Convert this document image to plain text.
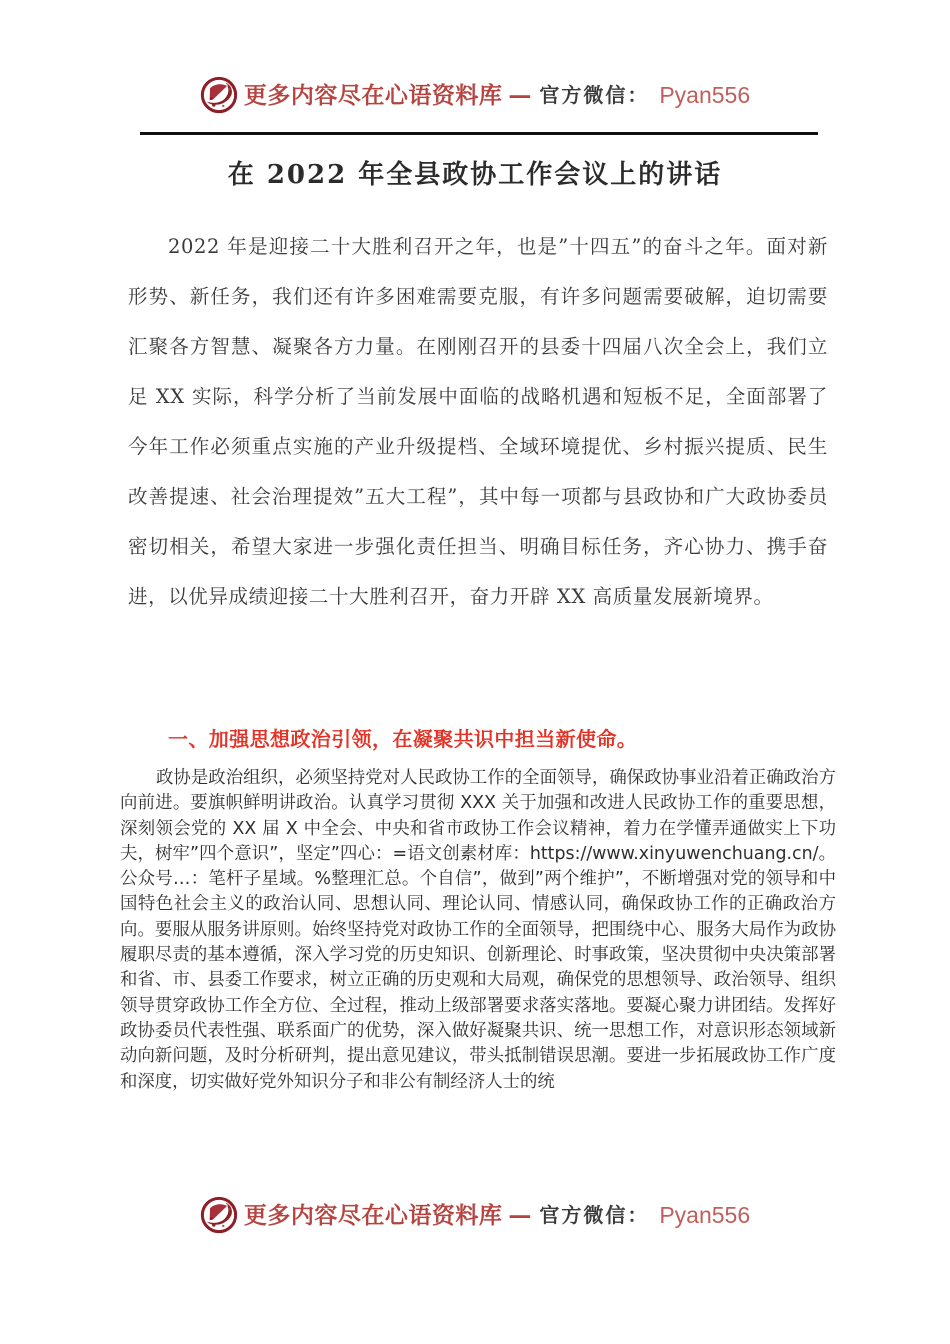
更多内容尽在心语资料库 — 官方微信： Pyan556
在 2022 年全县政协工作会议上的讲话
2022 年是迎接二十大胜利召开之年，也是”十四五”的奋斗之年。面对新形势、新任务，我们还有许多困难需要克服，有许多问题需要破解，迫切需要汇聚各方智慧、凝聚各方力量。在刚刚召开的县委十四届八次全会上，我们立足 XX 实际，科学分析了当前发展中面临的战略机遇和短板不足，全面部署了今年工作必须重点实施的产业升级提档、全域环境提优、乡村振兴提质、民生改善提速、社会治理提效”五大工程”，其中每一项都与县政协和广大政协委员密切相关，希望大家进一步强化责任担当、明确目标任务，齐心协力、携手奋进，以优异成绩迎接二十大胜利召开，奋力开辟 XX 高质量发展新境界。
一、加强思想政治引领，在凝聚共识中担当新使命。
政协是政治组织，必须坚持党对人民政协工作的全面领导，确保政协事业沿着正确政治方向前进。要旗帜鲜明讲政治。认真学习贯彻 XXX 关于加强和改进人民政协工作的重要思想，深刻领会党的 XX 届 X 中全会、中央和省市政协工作会议精神，着力在学懂弄通做实上下功夫，树牢”四个意识”，坚定”四心：=语文创素材库：https://www.xinyuwenchuang.cn/。公众号…：笔杆子星域。%整理汇总。个自信”，做到”两个维护”，不断增强对党的领导和中国特色社会主义的政治认同、思想认同、理论认同、情感认同，确保政协工作的正确政治方向。要服从服务讲原则。始终坚持党对政协工作的全面领导，把围绕中心、服务大局作为政协履职尽责的基本遵循，深入学习党的历史知识、创新理论、时事政策，坚决贯彻中央决策部署和省、市、县委工作要求，树立正确的历史观和大局观，确保党的思想领导、政治领导、组织领导贯穿政协工作全方位、全过程，推动上级部署要求落实落地。要凝心聚力讲团结。发挥好政协委员代表性强、联系面广的优势，深入做好凝聚共识、统一思想工作，对意识形态领域新动向新问题，及时分析研判，提出意见建议，带头抵制错误思潮。要进一步拓展政协工作广度和深度，切实做好党外知识分子和非公有制经济人士的统
更多内容尽在心语资料库 — 官方微信： Pyan556
